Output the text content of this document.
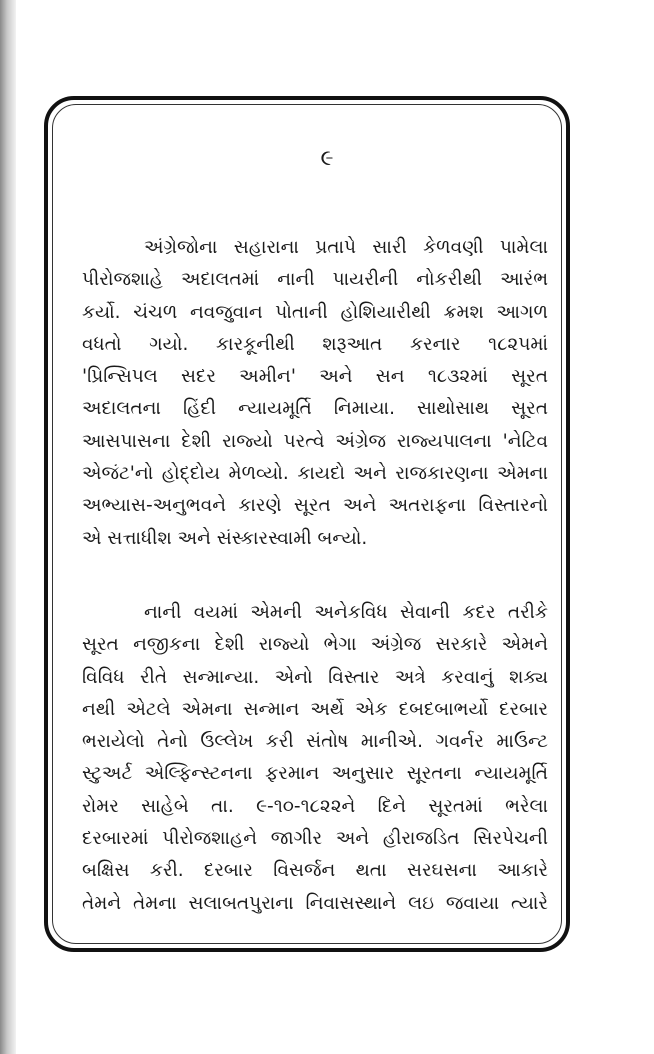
૯
અંગ્રેજોના સહારાના પ્રતાપે સારી કેળવણી પામેલા
પીરોજશાહે અદાલતમાં નાની પાયરીની નોકરીથી આરંભ
કર્યો. ચંચળ નવજુવાન પોતાની હોશિયારીથી ક્રમશ આગળ
વધતો ગયો. કારકૂનીથી શરૂઆત કરનાર ૧૮૨૫માં
'પ્રિન્સિપલ સદર અમીન' અને સન ૧૮૩૨માં સૂરત
અદાલતના હિંદી ન્યાયમૂર્તિ નિમાયા. સાથોસાથ સૂરત
આસપાસના દેશી રાજ્યો પરત્વે અંગ્રેજ રાજ્યપાલના 'નેટિવ
એજંટ'નો હોદ્દોય મેળવ્યો. કાયદો અને રાજકારણના એમના
અભ્યાસ-અનુભવને કારણે સૂરત અને અતરાફના વિસ્તારનો
એ સત્તાધીશ અને સંસ્કારસ્વામી બન્યો.
નાની વયમાં એમની અનેકવિધ સેવાની કદર તરીકે
સૂરત નજીકના દેશી રાજ્યો ભેગા અંગ્રેજ સરકારે એમને
વિવિધ રીતે સન્માન્યા. એનો વિસ્તાર અત્રે કરવાનું શક્ય
નથી એટલે એમના સન્માન અર્થે એક દબદબાભર્યો દરબાર
ભરાયેલો તેનો ઉલ્લેખ કરી સંતોષ માનીએ. ગવર્નર માઉન્ટ
સ્ટુઅર્ટ એલ્ફિન્સ્ટનના ફરમાન અનુસાર સૂરતના ન્યાયમૂર્તિ
રોમર સાહેબે તા. ૯-૧૦-૧૮૨૨ને દિને સૂરતમાં ભરેલા
દરબારમાં પીરોજશાહને જાગીર અને હીરાજડિત સિરપેચની
બક્ષિસ કરી. દરબાર વિસર્જન થતા સરઘસના આકારે
તેમને તેમના સલાબતપુરાના નિવાસસ્થાને લઇ જવાયા ત્યારે
